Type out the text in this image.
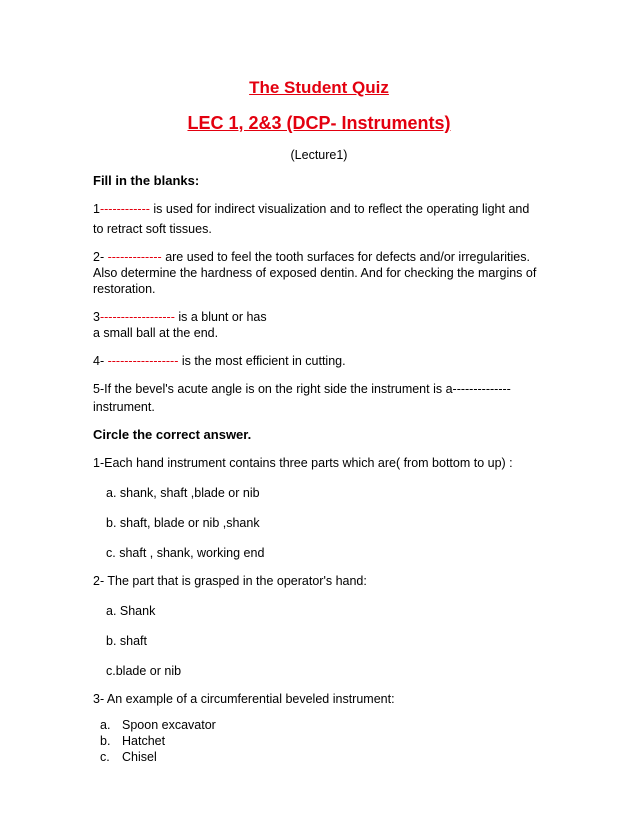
The Student Quiz
LEC 1, 2&3 (DCP- Instruments)
(Lecture1)

Fill in the blanks:

1------------ is used for indirect visualization and to reflect the operating light and
to retract soft tissues.

2- ------------- are used to feel the tooth surfaces for defects and/or irregularities.
Also determine the hardness of exposed dentin. And for checking the margins of
restoration.

3------------------ is a blunt or has
a small ball at the end.

4- ----------------- is the most efficient in cutting.

5-If the bevel's acute angle is on the right side the instrument is a--------------
instrument.

Circle the correct answer.

1-Each hand instrument contains three parts which are( from bottom to up) :

a. shank, shaft ,blade or nib
b. shaft, blade or nib ,shank
c. shaft , shank, working end

2- The part that is grasped in the operator's hand:

a. Shank
b. shaft
c.blade or nib

3- An example of a circumferential beveled instrument:

a. Spoon excavator
b. Hatchet
c. Chisel
